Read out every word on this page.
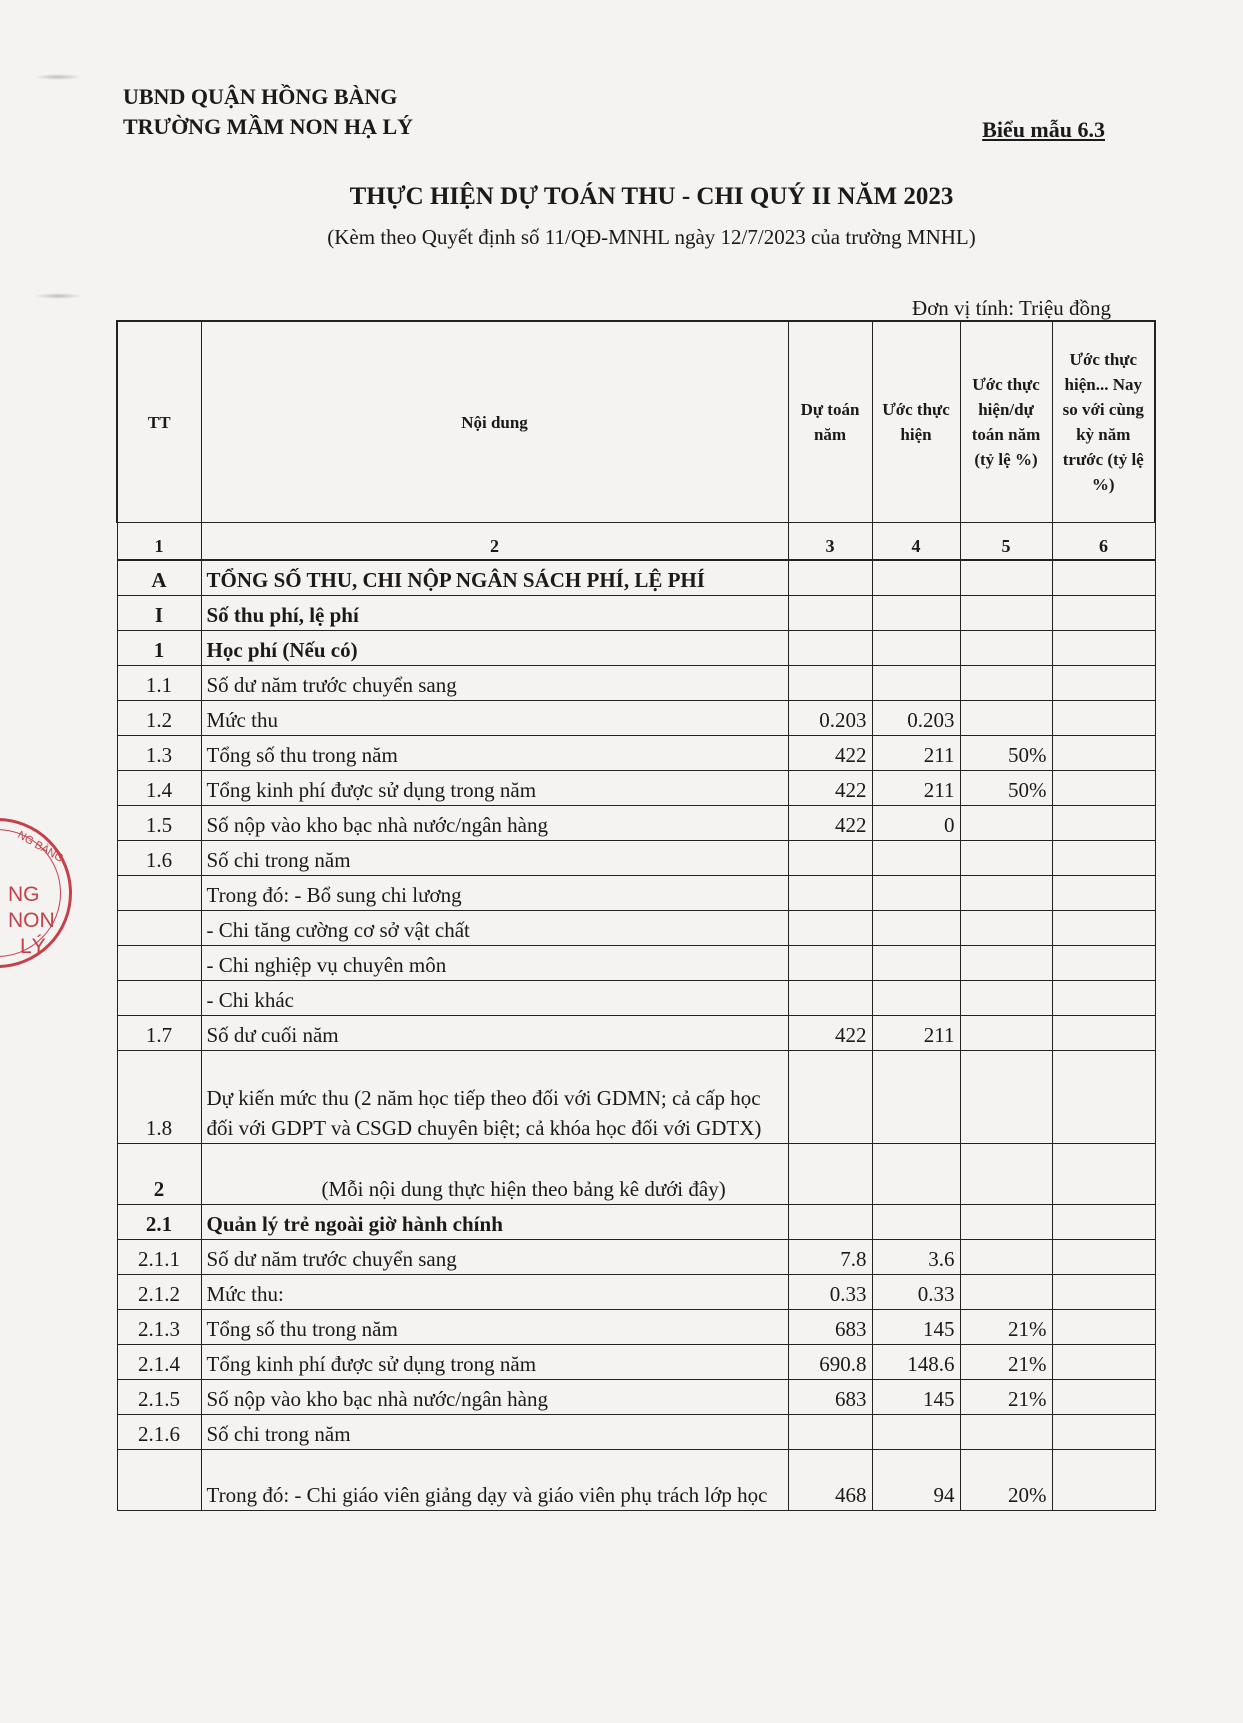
UBND QUẬN HỒNG BÀNG
TRƯỜNG MẦM NON HẠ LÝ	Biểu mẫu 6.3
THỰC HIỆN DỰ TOÁN THU - CHI QUÝ II NĂM 2023
(Kèm theo Quyết định số 11/QĐ-MNHL ngày 12/7/2023 của trường MNHL)
Đơn vị tính: Triệu đồng
NG BÀNG
NG
NON
LÝ
TT	Nội dung	Dự toán năm	Ước thực hiện	Ước thực hiện/dự toán năm (tỷ lệ %)	Ước thực hiện... Nay so với cùng kỳ năm trước (tỷ lệ %)
1	2	3	4	5	6
A	TỔNG SỐ THU, CHI NỘP NGÂN SÁCH PHÍ, LỆ PHÍ				
I	Số thu phí, lệ phí				
1	Học phí (Nếu có)				
1.1	Số dư năm trước chuyển sang				
1.2	Mức thu	0.203	0.203		
1.3	Tổng số thu trong năm	422	211	50%	
1.4	Tổng kinh phí được sử dụng trong năm	422	211	50%	
1.5	Số nộp vào kho bạc nhà nước/ngân hàng	422	0		
1.6	Số chi trong năm				
	Trong đó: - Bổ sung chi lương				
	- Chi tăng cường cơ sở vật chất				
	- Chi nghiệp vụ chuyên môn				
	- Chi khác				
1.7	Số dư cuối năm	422	211		
1.8	Dự kiến mức thu (2 năm học tiếp theo đối với GDMN; cả cấp học đối với GDPT và CSGD chuyên biệt; cả khóa học đối với GDTX)				
2	(Mỗi nội dung thực hiện theo bảng kê dưới đây)				
2.1	Quản lý trẻ ngoài giờ hành chính				
2.1.1	Số dư năm trước chuyển sang	7.8	3.6		
2.1.2	Mức thu:	0.33	0.33		
2.1.3	Tổng số thu trong năm	683	145	21%	
2.1.4	Tổng kinh phí được sử dụng trong năm	690.8	148.6	21%	
2.1.5	Số nộp vào kho bạc nhà nước/ngân hàng	683	145	21%	
2.1.6	Số chi trong năm				
	Trong đó: - Chi giáo viên giảng dạy và giáo viên phụ trách lớp học	468	94	20%	
